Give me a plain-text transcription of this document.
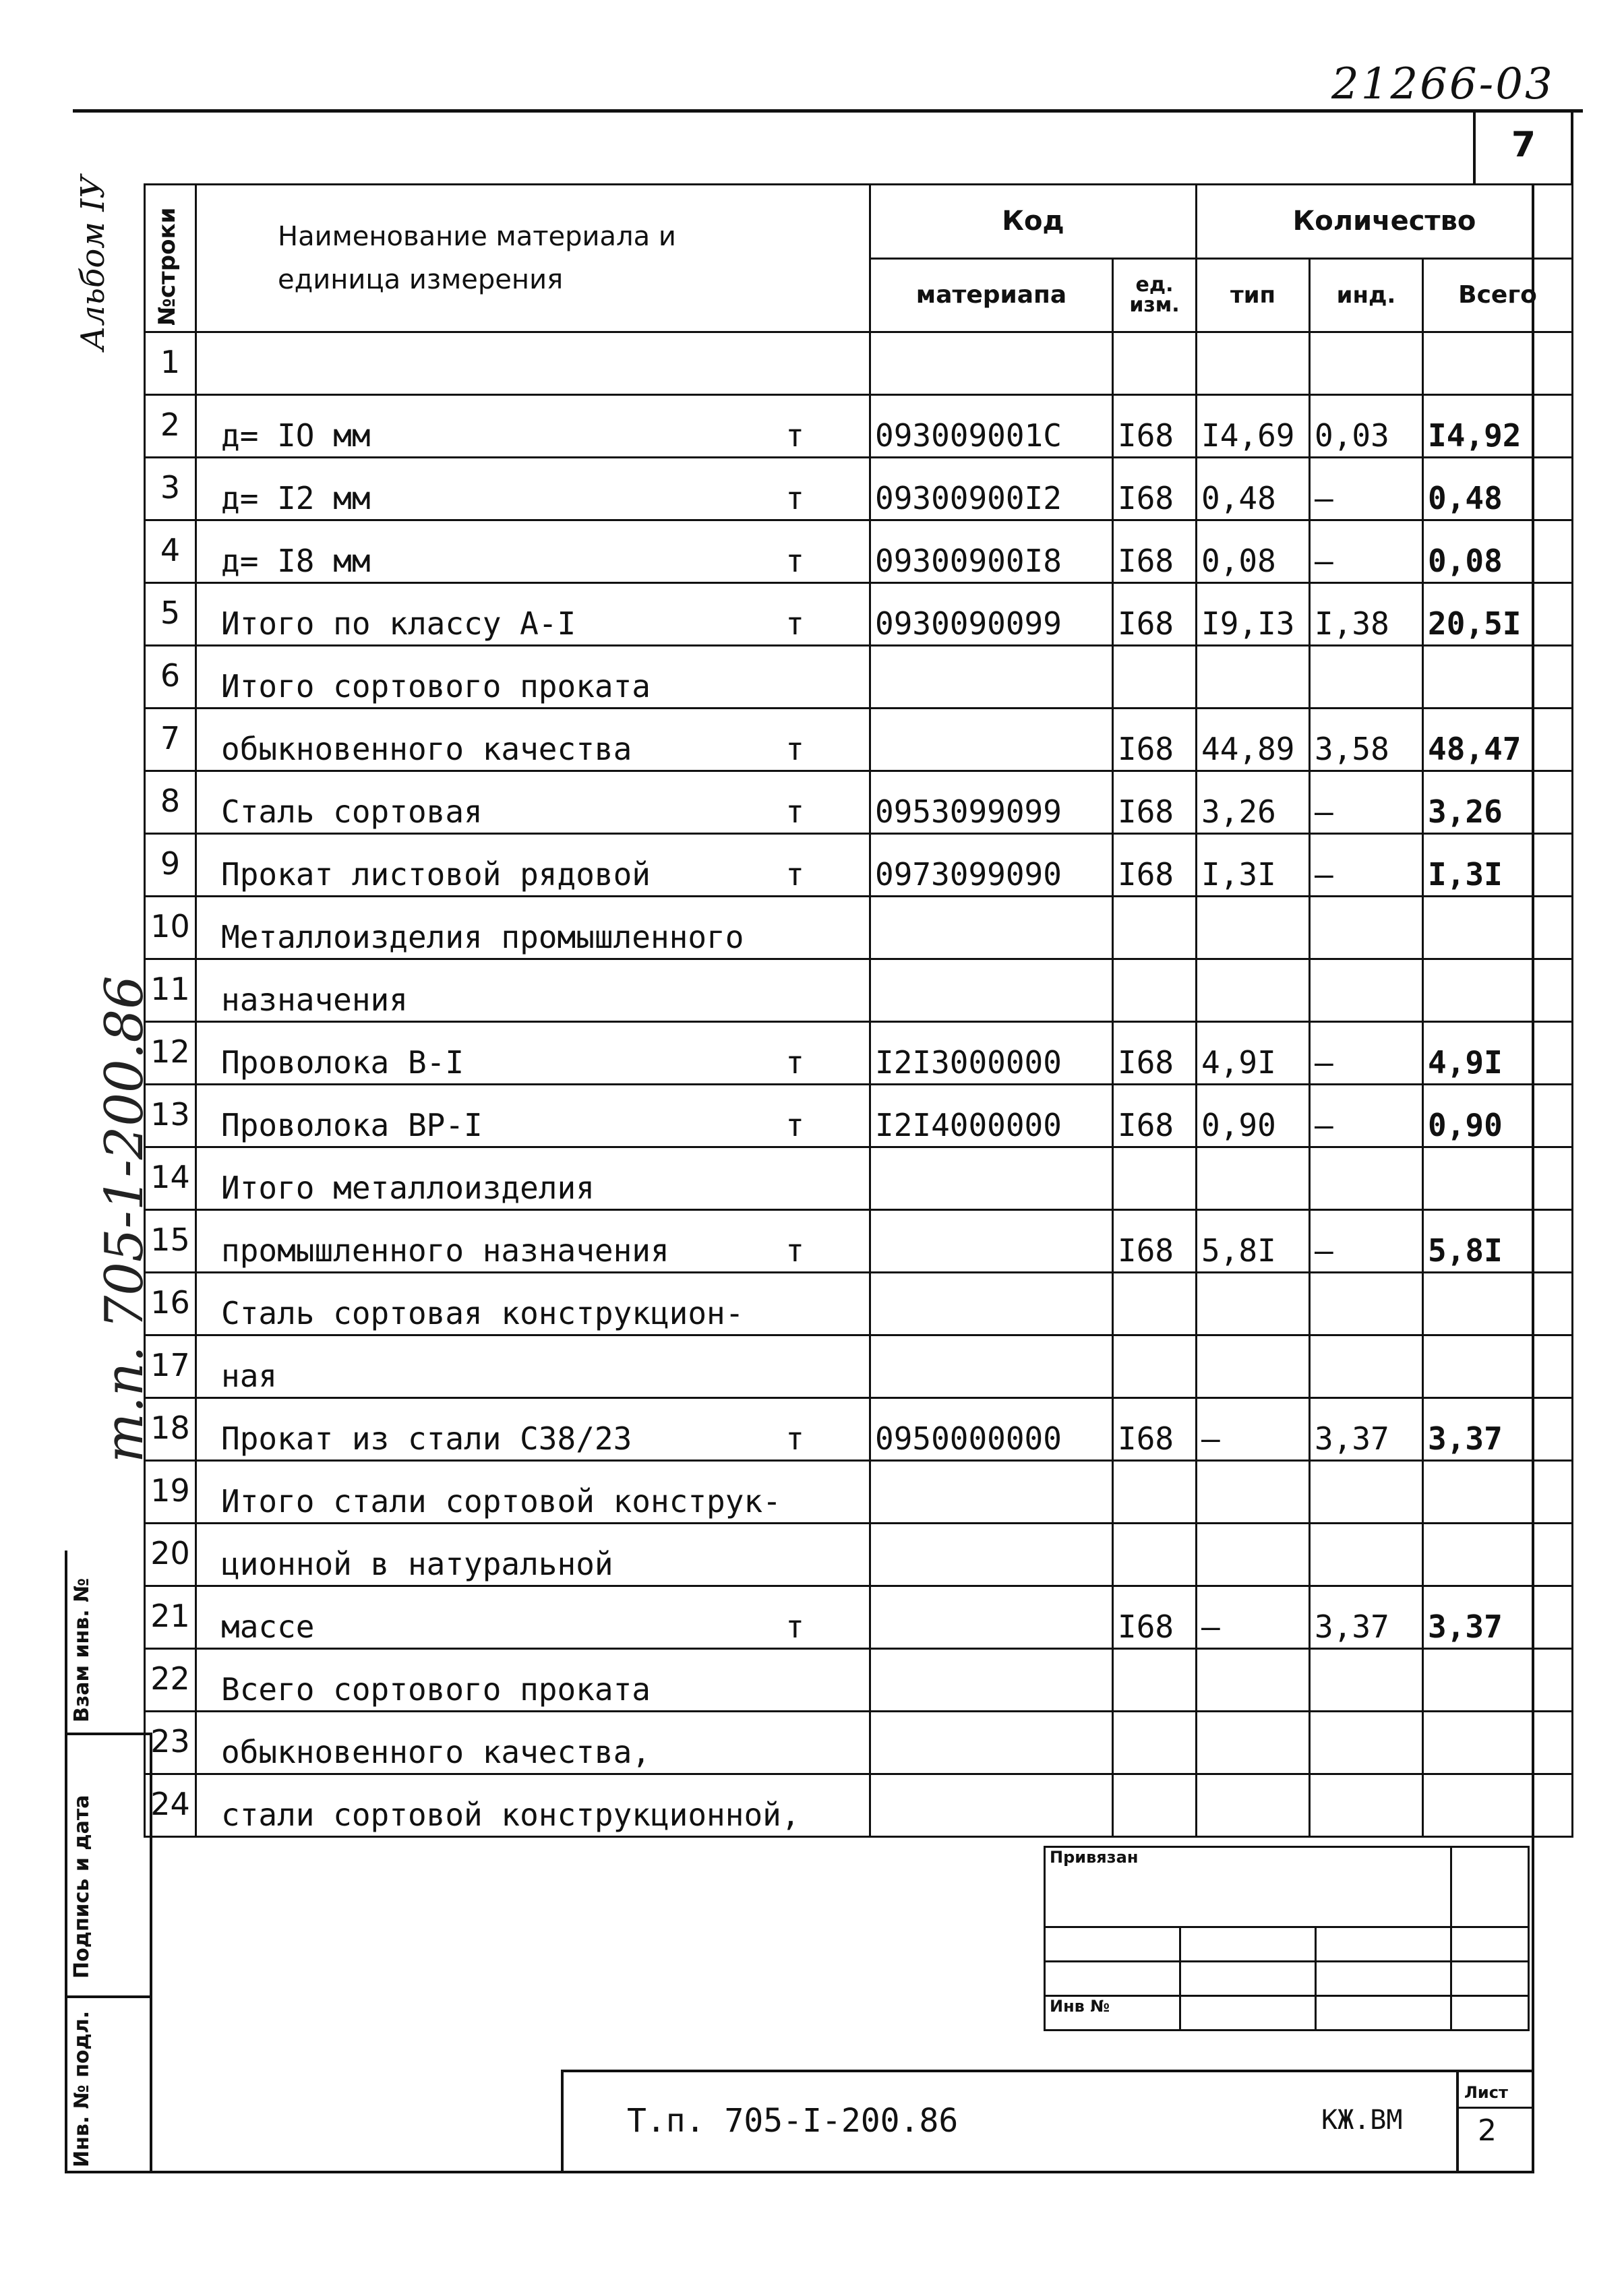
21266-03
7
Альбом IУ
т.п. 705-1-200.86
Взам инв. №
Подпись и дата
Инв. № подл.
№строки	Наименование материала и единица измерения	Код		Количество		
		материапа	ед. изм.	тип	инд.	Всего
1	

2	д= IO мм т	093009001C	I68	I4,69	0,03	I4,92
3	д= I2 мм т	09300900I2	I68	0,48	–	0,48
4	д= I8 мм т	09300900I8	I68	0,08	–	0,08
5	Итого по классу А-I т	0930090099	I68	I9,I3	I,38	20,5I
6	Итого сортового проката					

7	обыкновенного качества т		I68	44,89	3,58	48,47
8	Сталь сортовая т	0953099099	I68	3,26	–	3,26
9	Прокат листовой рядовой т	0973099090	I68	I,3I	–	I,3I
10	Металлоизделия промышленного					

11	назначения					

12	Проволока В-I т	I2I3000000	I68	4,9I	–	4,9I
13	Проволока ВР-I т	I2I4000000	I68	0,90	–	0,90
14	Итого металлоизделия					

15	промышленного назначения т		I68	5,8I	–	5,8I
16	Сталь сортовая конструкцион-					

17	ная					

18	Прокат из стали С38/23 т	0950000000	I68	–	3,37	3,37
19	Итого стали сортовой конструк-					

20	ционной в натуральной					

21	массе т		I68	–	3,37	3,37
22	Всего сортового проката					

23	обыкновенного качества,					

24	стали сортовой конструкционной,					

Привязан			

Инв №			
Т.п. 705-I-200.86	КЖ.ВМ
Лист
2
